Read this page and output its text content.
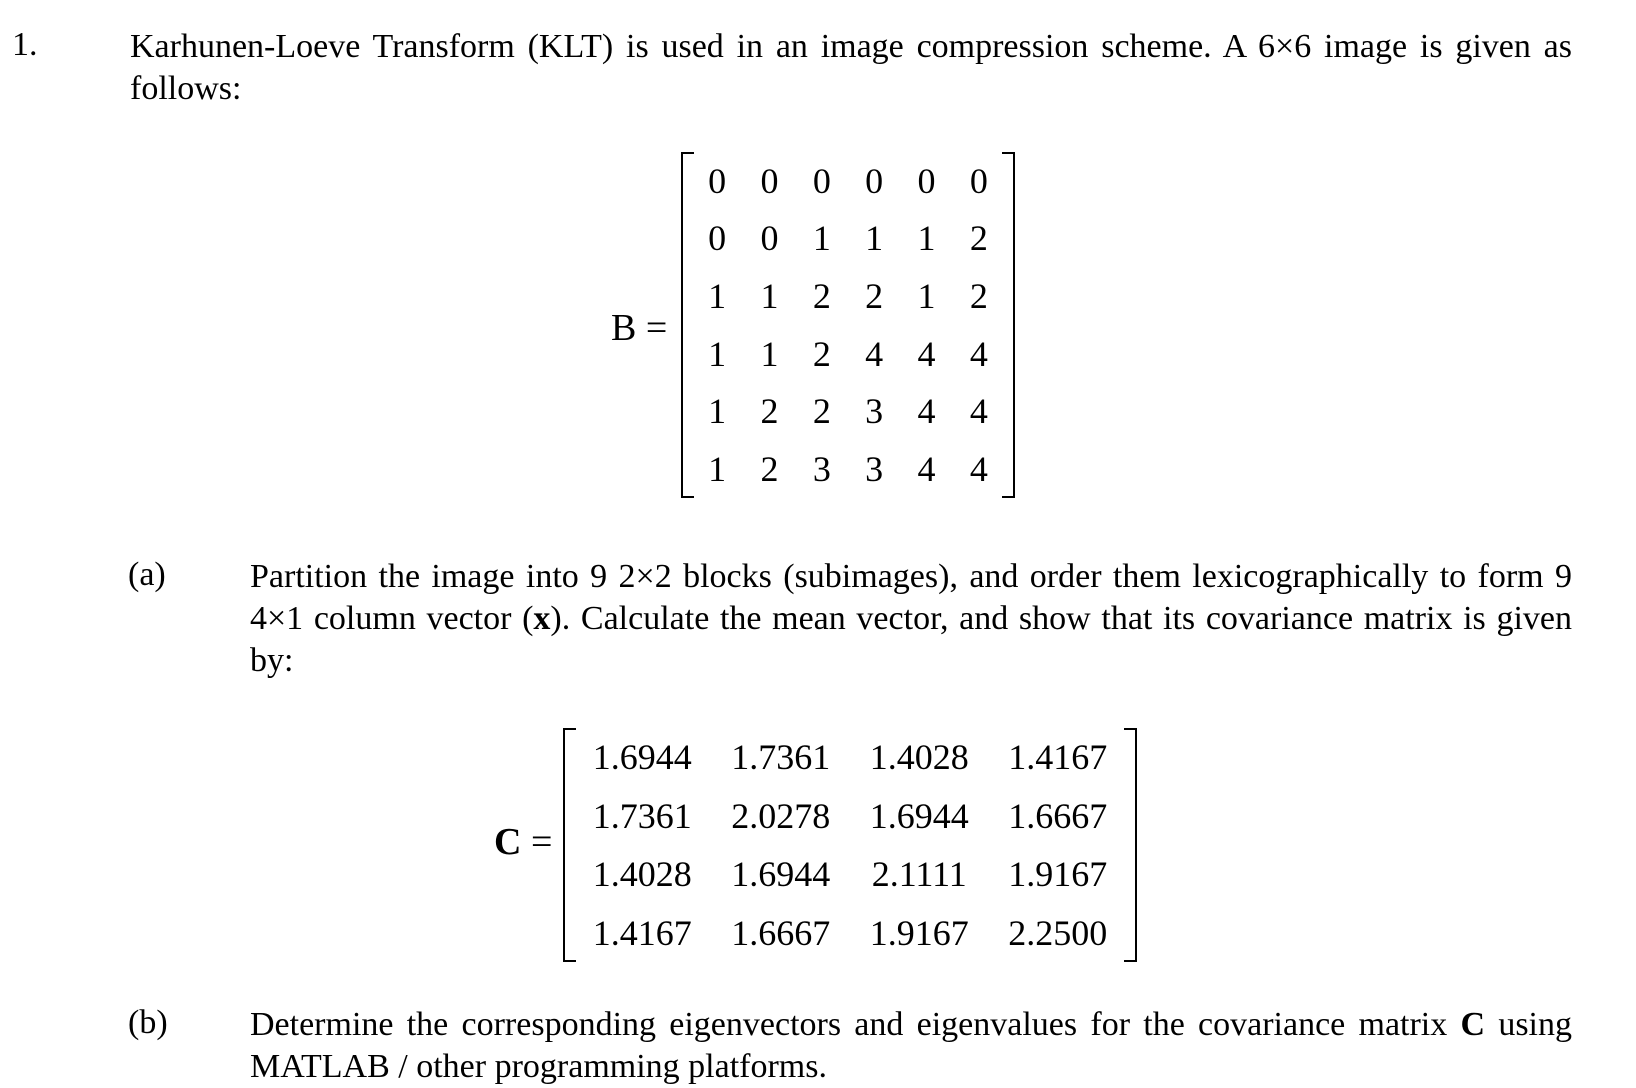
1.	Karhunen-Loeve Transform (KLT) is used in an image compression scheme. A 6×6 image is given as follows:
B =
0 0 0 0 0 0
0 0 1 1 1 2
1 1 2 2 1 2
1 1 2 4 4 4
1 2 2 3 4 4
1 2 3 3 4 4
(a) Partition the image into 9 2×2 blocks (subimages), and order them lexicographically to form 9 4×1 column vector (x). Calculate the mean vector, and show that its covariance matrix is given by:
C =
1.6944	1.7361	1.4028	1.4167
1.7361	2.0278	1.6944	1.6667
1.4028	1.6944	2.1111	1.9167
1.4167	1.6667	1.9167	2.2500
(b) Determine the corresponding eigenvectors and eigenvalues for the covariance matrix C using MATLAB / other programming platforms.
